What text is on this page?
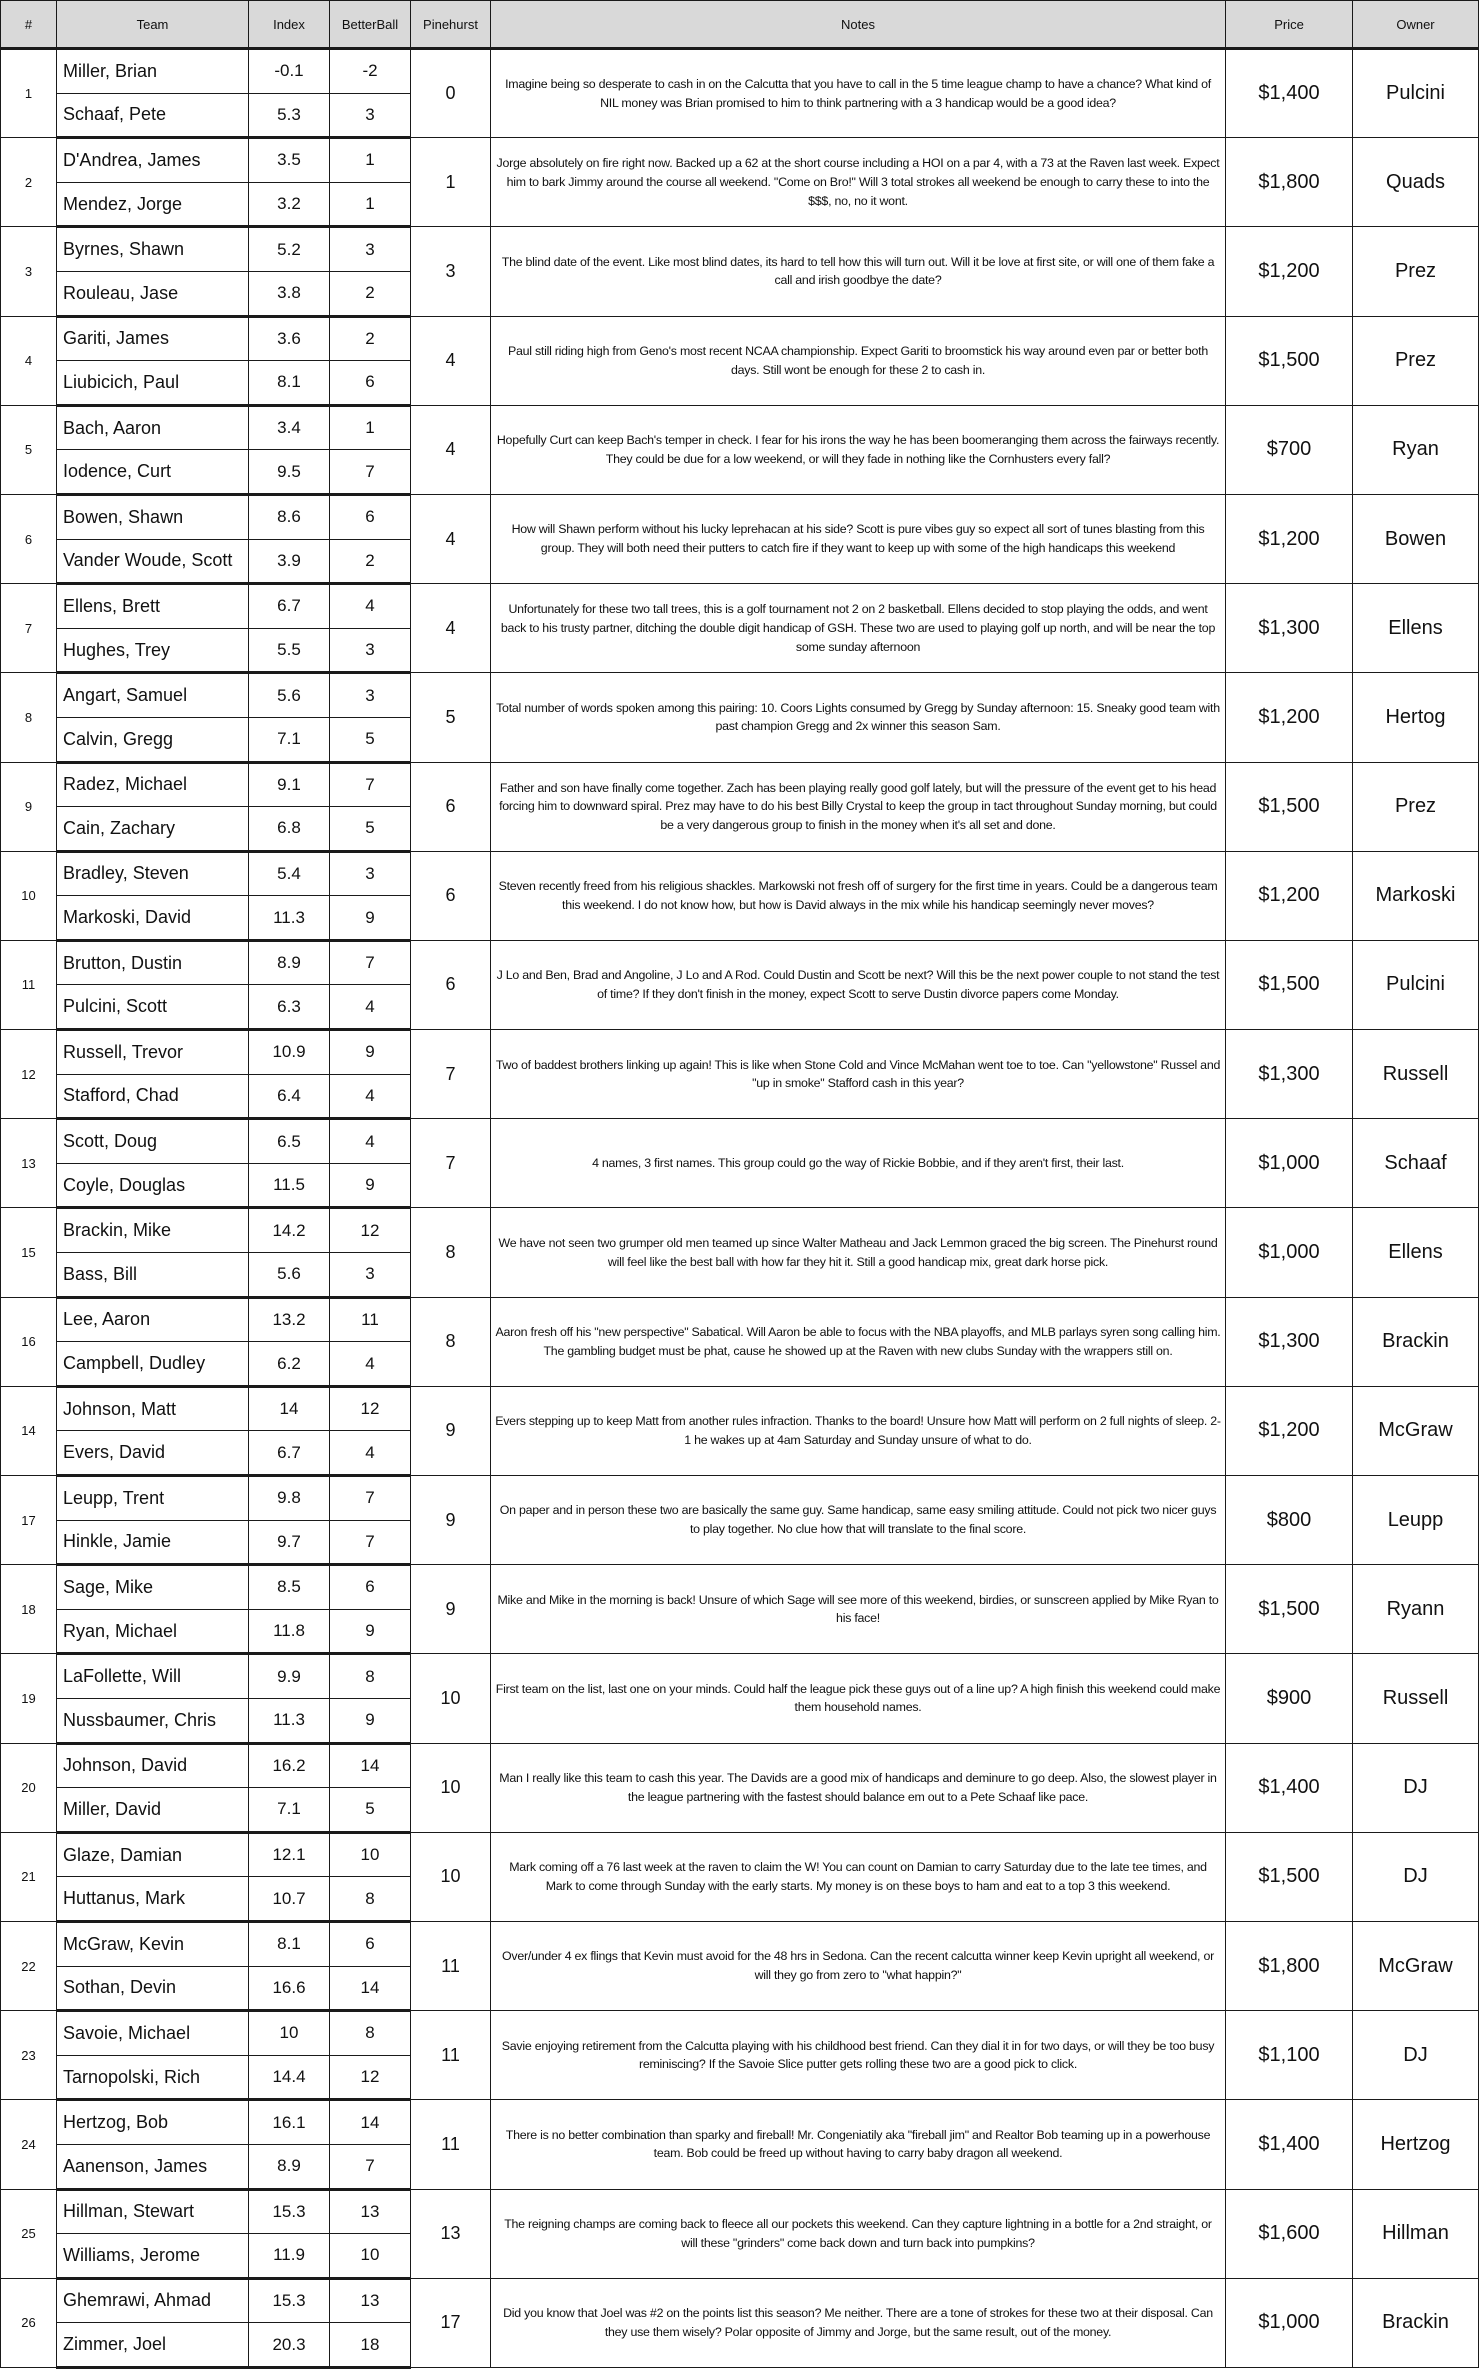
#	Team	Index	BetterBall	Pinehurst	Notes	Price	Owner
1	Miller, Brian	-0.1	-2	0	Imagine being so desperate to cash in on the Calcutta that you have to call in the 5 time league champ to have a chance? What kind of NIL money was Brian promised to him to think partnering with a 3 handicap would be a good idea?	$1,400	Pulcini
	Schaaf, Pete	5.3	3				
2	D'Andrea, James	3.5	1	1	Jorge absolutely on fire right now. Backed up a 62 at the short course including a HOI on a par 4, with a 73 at the Raven last week. Expect him to bark Jimmy around the course all weekend. "Come on Bro!" Will 3 total strokes all weekend be enough to carry these to into the $$$, no, no it wont.	$1,800	Quads
	Mendez, Jorge	3.2	1				
3	Byrnes, Shawn	5.2	3	3	The blind date of the event. Like most blind dates, its hard to tell how this will turn out. Will it be love at first site, or will one of them fake a call and irish goodbye the date?	$1,200	Prez
	Rouleau, Jase	3.8	2				
4	Gariti, James	3.6	2	4	Paul still riding high from Geno's most recent NCAA championship. Expect Gariti to broomstick his way around even par or better both days. Still wont be enough for these 2 to cash in.	$1,500	Prez
	Liubicich, Paul	8.1	6				
5	Bach, Aaron	3.4	1	4	Hopefully Curt can keep Bach's temper in check. I fear for his irons the way he has been boomeranging them across the fairways recently. They could be due for a low weekend, or will they fade in nothing like the Cornhusters every fall?	$700	Ryan
	Iodence, Curt	9.5	7				
6	Bowen, Shawn	8.6	6	4	How will Shawn perform without his lucky leprehacan at his side? Scott is pure vibes guy so expect all sort of tunes blasting from this group. They will both need their putters to catch fire if they want to keep up with some of the high handicaps this weekend	$1,200	Bowen
	Vander Woude, Scott	3.9	2				
7	Ellens, Brett	6.7	4	4	Unfortunately for these two tall trees, this is a golf tournament not 2 on 2 basketball. Ellens decided to stop playing the odds, and went back to his trusty partner, ditching the double digit handicap of GSH. These two are used to playing golf up north, and will be near the top some sunday afternoon	$1,300	Ellens
	Hughes, Trey	5.5	3				
8	Angart, Samuel	5.6	3	5	Total number of words spoken among this pairing: 10. Coors Lights consumed by Gregg by Sunday afternoon: 15. Sneaky good team with past champion Gregg and 2x winner this season Sam.	$1,200	Hertog
	Calvin, Gregg	7.1	5				
9	Radez, Michael	9.1	7	6	Father and son have finally come together. Zach has been playing really good golf lately, but will the pressure of the event get to his head forcing him to downward spiral. Prez may have to do his best Billy Crystal to keep the group in tact throughout Sunday morning, but could be a very dangerous group to finish in the money when it's all set and done.	$1,500	Prez
	Cain, Zachary	6.8	5				
10	Bradley, Steven	5.4	3	6	Steven recently freed from his religious shackles. Markowski not fresh off of surgery for the first time in years. Could be a dangerous team this weekend. I do not know how, but how is David always in the mix while his handicap seemingly never moves?	$1,200	Markoski
	Markoski, David	11.3	9				
11	Brutton, Dustin	8.9	7	6	J Lo and Ben, Brad and Angoline, J Lo and A Rod. Could Dustin and Scott be next? Will this be the next power couple to not stand the test of time? If they don't finish in the money, expect Scott to serve Dustin divorce papers come Monday.	$1,500	Pulcini
	Pulcini, Scott	6.3	4				
12	Russell, Trevor	10.9	9	7	Two of baddest brothers linking up again! This is like when Stone Cold and Vince McMahan went toe to toe. Can "yellowstone" Russel and "up in smoke" Stafford cash in this year?	$1,300	Russell
	Stafford, Chad	6.4	4				
13	Scott, Doug	6.5	4	7	4 names, 3 first names. This group could go the way of Rickie Bobbie, and if they aren't first, their last.	$1,000	Schaaf
	Coyle, Douglas	11.5	9				
15	Brackin, Mike	14.2	12	8	We have not seen two grumper old men teamed up since Walter Matheau and Jack Lemmon graced the big screen. The Pinehurst round will feel like the best ball with how far they hit it. Still a good handicap mix, great dark horse pick.	$1,000	Ellens
	Bass, Bill	5.6	3				
16	Lee, Aaron	13.2	11	8	Aaron fresh off his "new perspective" Sabatical. Will Aaron be able to focus with the NBA playoffs, and MLB parlays syren song calling him. The gambling budget must be phat, cause he showed up at the Raven with new clubs Sunday with the wrappers still on.	$1,300	Brackin
	Campbell, Dudley	6.2	4				
14	Johnson, Matt	14	12	9	Evers stepping up to keep Matt from another rules infraction. Thanks to the board! Unsure how Matt will perform on 2 full nights of sleep. 2-1 he wakes up at 4am Saturday and Sunday unsure of what to do.	$1,200	McGraw
	Evers, David	6.7	4				
17	Leupp, Trent	9.8	7	9	On paper and in person these two are basically the same guy. Same handicap, same easy smiling attitude. Could not pick two nicer guys to play together. No clue how that will translate to the final score.	$800	Leupp
	Hinkle, Jamie	9.7	7				
18	Sage, Mike	8.5	6	9	Mike and Mike in the morning is back! Unsure of which Sage will see more of this weekend, birdies, or sunscreen applied by Mike Ryan to his face!	$1,500	Ryann
	Ryan, Michael	11.8	9				
19	LaFollette, Will	9.9	8	10	First team on the list, last one on your minds. Could half the league pick these guys out of a line up? A high finish this weekend could make them household names.	$900	Russell
	Nussbaumer, Chris	11.3	9				
20	Johnson, David	16.2	14	10	Man I really like this team to cash this year. The Davids are a good mix of handicaps and deminure to go deep. Also, the slowest player in the league partnering with the fastest should balance em out to a Pete Schaaf like pace.	$1,400	DJ
	Miller, David	7.1	5				
21	Glaze, Damian	12.1	10	10	Mark coming off a 76 last week at the raven to claim the W! You can count on Damian to carry Saturday due to the late tee times, and Mark to come through Sunday with the early starts. My money is on these boys to ham and eat to a top 3 this weekend.	$1,500	DJ
	Huttanus, Mark	10.7	8				
22	McGraw, Kevin	8.1	6	11	Over/under 4 ex flings that Kevin must avoid for the 48 hrs in Sedona. Can the recent calcutta winner keep Kevin upright all weekend, or will they go from zero to "what happin?"	$1,800	McGraw
	Sothan, Devin	16.6	14				
23	Savoie, Michael	10	8	11	Savie enjoying retirement from the Calcutta playing with his childhood best friend. Can they dial it in for two days, or will they be too busy reminiscing? If the Savoie Slice putter gets rolling these two are a good pick to click.	$1,100	DJ
	Tarnopolski, Rich	14.4	12				
24	Hertzog, Bob	16.1	14	11	There is no better combination than sparky and fireball! Mr. Congeniatily aka "fireball jim" and Realtor Bob teaming up in a powerhouse team. Bob could be freed up without having to carry baby dragon all weekend.	$1,400	Hertzog
	Aanenson, James	8.9	7				
25	Hillman, Stewart	15.3	13	13	The reigning champs are coming back to fleece all our pockets this weekend. Can they capture lightning in a bottle for a 2nd straight, or will these "grinders" come back down and turn back into pumpkins?	$1,600	Hillman
	Williams, Jerome	11.9	10				
26	Ghemrawi, Ahmad	15.3	13	17	Did you know that Joel was #2 on the points list this season? Me neither. There are a tone of strokes for these two at their disposal. Can they use them wisely? Polar opposite of Jimmy and Jorge, but the same result, out of the money.	$1,000	Brackin
	Zimmer, Joel	20.3	18				
